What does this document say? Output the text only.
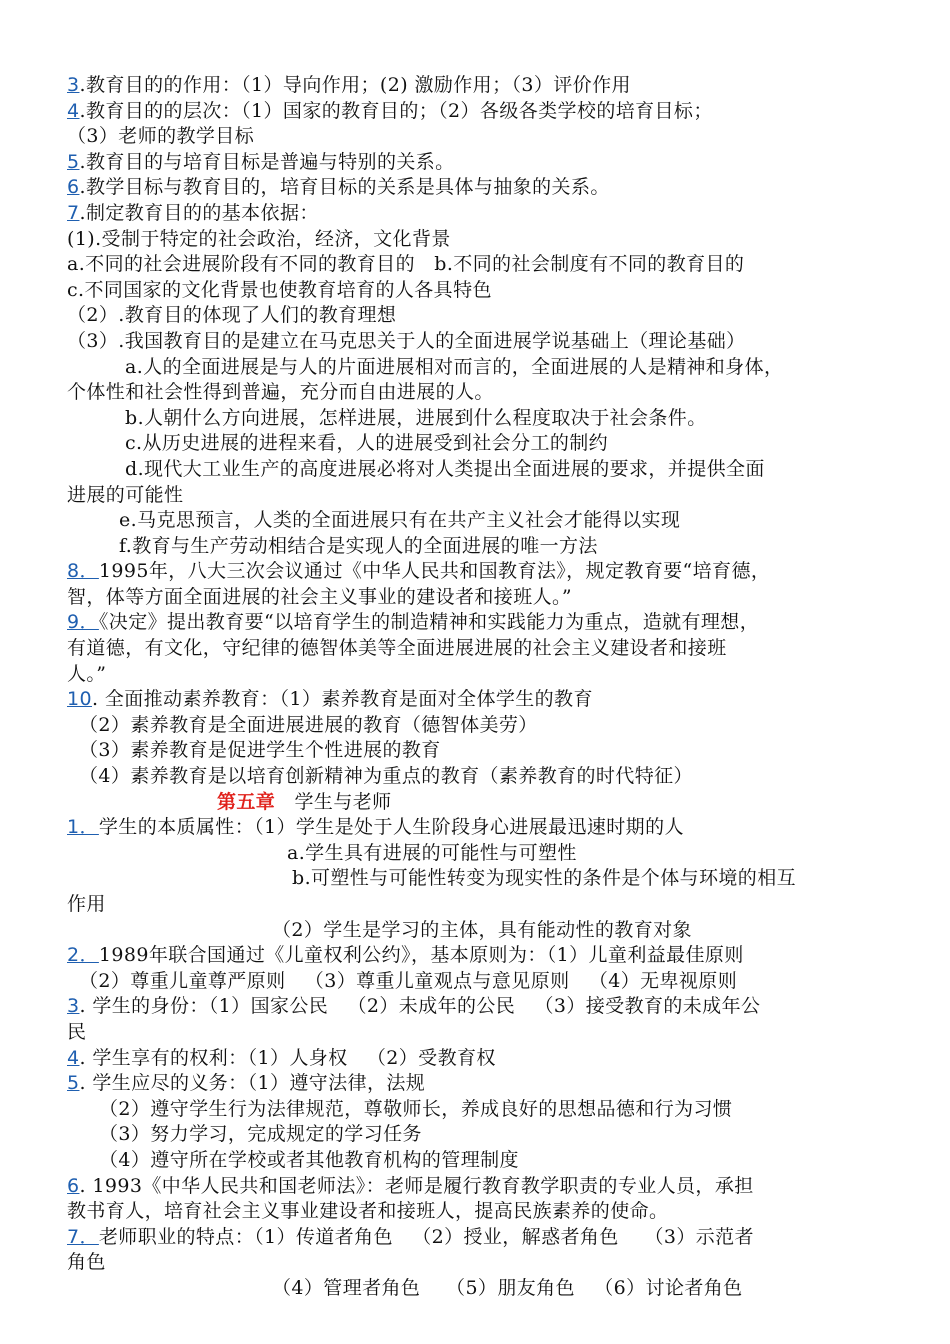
3.教育目的的作用：（1）导向作用；(2) 激励作用；（3）评价作用
4.教育目的的层次：（1）国家的教育目的；（2）各级各类学校的培育目标；
（3）老师的教学目标
5.教育目的与培育目标是普遍与特别的关系。
6.教学目标与教育目的，培育目标的关系是具体与抽象的关系。
7.制定教育目的的基本依据：
(1).受制于特定的社会政治，经济，文化背景
a.不同的社会进展阶段有不同的教育目的   b.不同的社会制度有不同的教育目的
c.不同国家的文化背景也使教育培育的人各具特色
（2）.教育目的体现了人们的教育理想
（3）.我国教育目的是建立在马克思关于人的全面进展学说基础上（理论基础）
a.人的全面进展是与人的片面进展相对而言的，全面进展的人是精神和身体，
个体性和社会性得到普遍，充分而自由进展的人。
b.人朝什么方向进展，怎样进展，进展到什么程度取决于社会条件。
c.从历史进展的进程来看，人的进展受到社会分工的制约
d.现代大工业生产的高度进展必将对人类提出全面进展的要求，并提供全面
进展的可能性
e.马克思预言，人类的全面进展只有在共产主义社会才能得以实现
f.教育与生产劳动相结合是实现人的全面进展的唯一方法
8．1995年，八大三次会议通过《中华人民共和国教育法》，规定教育要“培育德，
智，体等方面全面进展的社会主义事业的建设者和接班人。”
9．《决定》提出教育要“以培育学生的制造精神和实践能力为重点，造就有理想，
有道德，有文化，守纪律的德智体美等全面进展进展的社会主义建设者和接班
人。”
10. 全面推动素养教育：（1）素养教育是面对全体学生的教育
（2）素养教育是全面进展进展的教育（德智体美劳）
（3）素养教育是促进学生个性进展的教育
（4）素养教育是以培育创新精神为重点的教育（素养教育的时代特征）
第五章   学生与老师
1．学生的本质属性：（1）学生是处于人生阶段身心进展最迅速时期的人
a.学生具有进展的可能性与可塑性
b.可塑性与可能性转变为现实性的条件是个体与环境的相互
作用
（2）学生是学习的主体，具有能动性的教育对象
2．1989年联合国通过《儿童权利公约》，基本原则为：（1）儿童利益最佳原则
（2）尊重儿童尊严原则   （3）尊重儿童观点与意见原则   （4）无卑视原则
3. 学生的身份：（1）国家公民   （2）未成年的公民   （3）接受教育的未成年公
民
4. 学生享有的权利：（1）人身权   （2）受教育权
5. 学生应尽的义务：（1）遵守法律，法规
（2）遵守学生行为法律规范，尊敬师长，养成良好的思想品德和行为习惯
（3）努力学习，完成规定的学习任务
（4）遵守所在学校或者其他教育机构的管理制度
6. 1993《中华人民共和国老师法》：老师是履行教育教学职责的专业人员，承担
教书育人，培育社会主义事业建设者和接班人，提高民族素养的使命。
7．老师职业的特点：（1）传道者角色   （2）授业，解惑者角色    （3）示范者
角色
（4）管理者角色    （5）朋友角色   （6）讨论者角色
